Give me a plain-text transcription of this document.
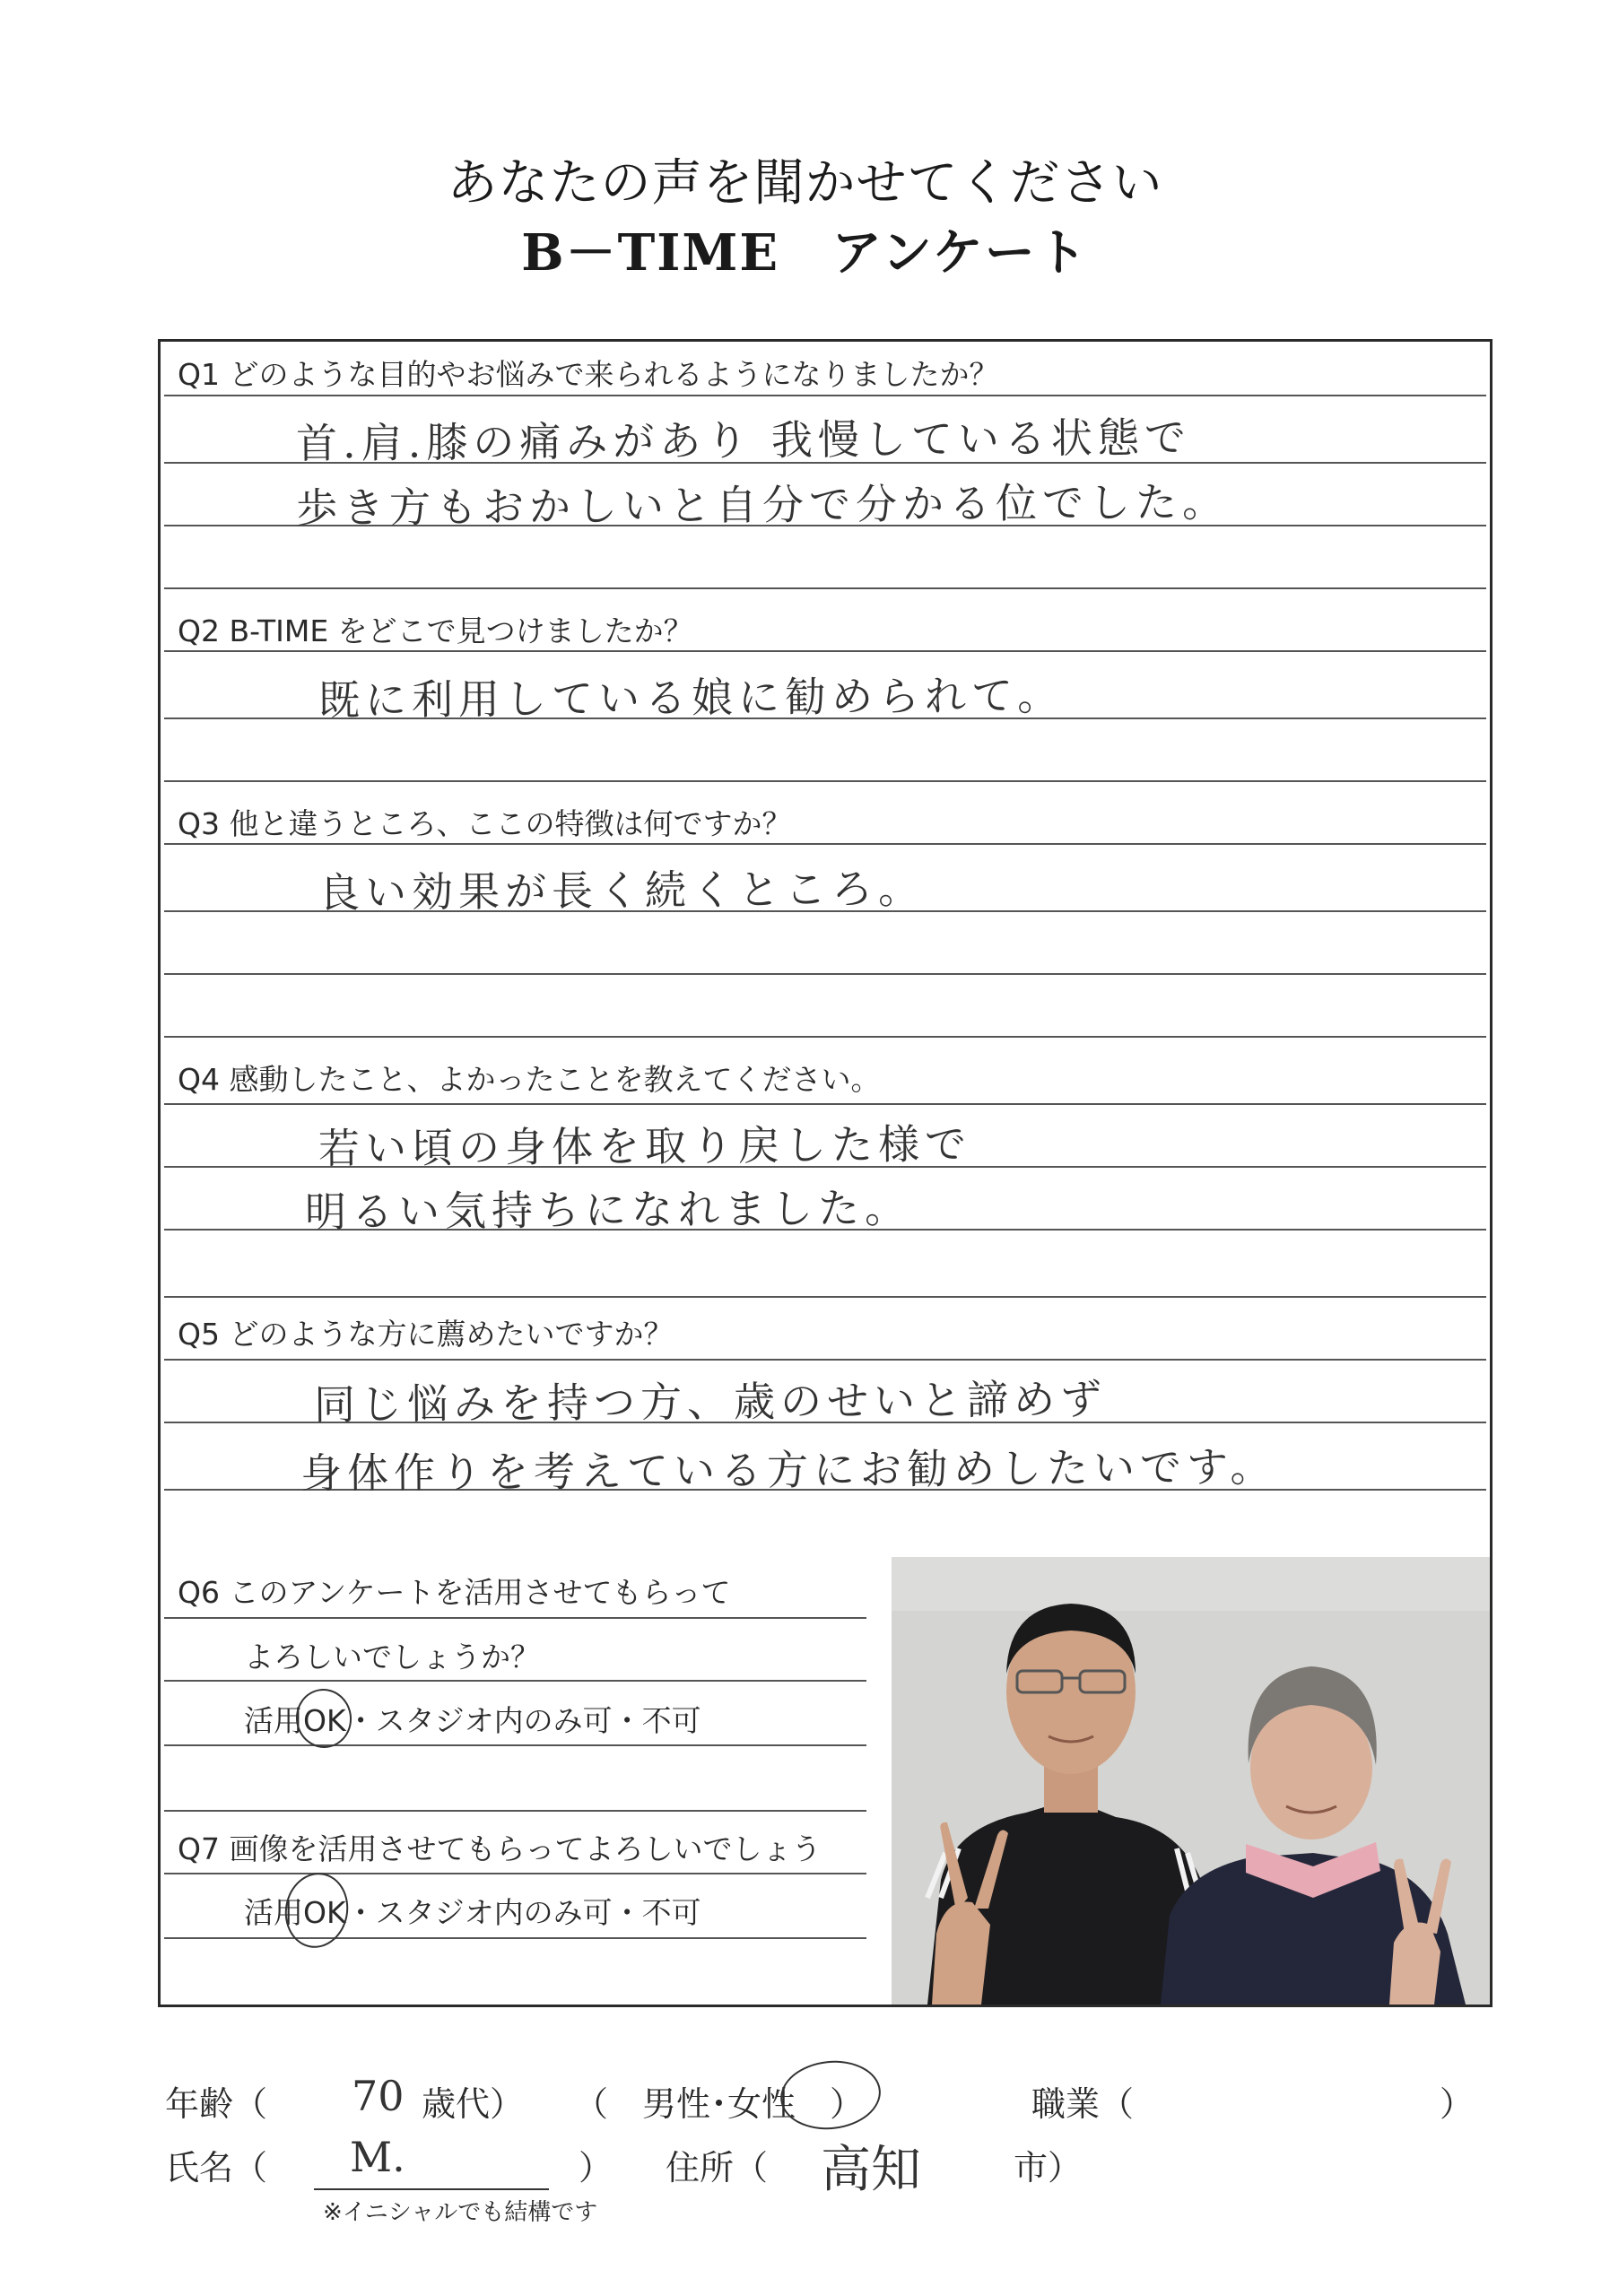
あなたの声を聞かせてください
B－TIME　アンケート
Q1 どのような目的やお悩みで来られるようになりましたか？
首.肩.膝の痛みがあり 我慢している状態で
歩き方もおかしいと自分で分かる位でした。
Q2 B-TIME をどこで見つけましたか？
既に利用している娘に勧められて。
Q3 他と違うところ、ここの特徴は何ですか？
良い効果が長く続くところ。
Q4 感動したこと、よかったことを教えてください。
若い頃の身体を取り戻した様で
明るい気持ちになれました。
Q5 どのような方に薦めたいですか？
同じ悩みを持つ方、歳のせいと諦めず
身体作りを考えている方にお勧めしたいです。
Q6 このアンケートを活用させてもらって
よろしいでしょうか？
活用OK・スタジオ内のみ可・不可
Q7 画像を活用させてもらってよろしいでしょう
活用OK・スタジオ内のみ可・不可
年齢（ 70 歳代） （　男性･女性　）	職業（	）
氏名（ M.	） 住所（ 高知	市）
※イニシャルでも結構です
